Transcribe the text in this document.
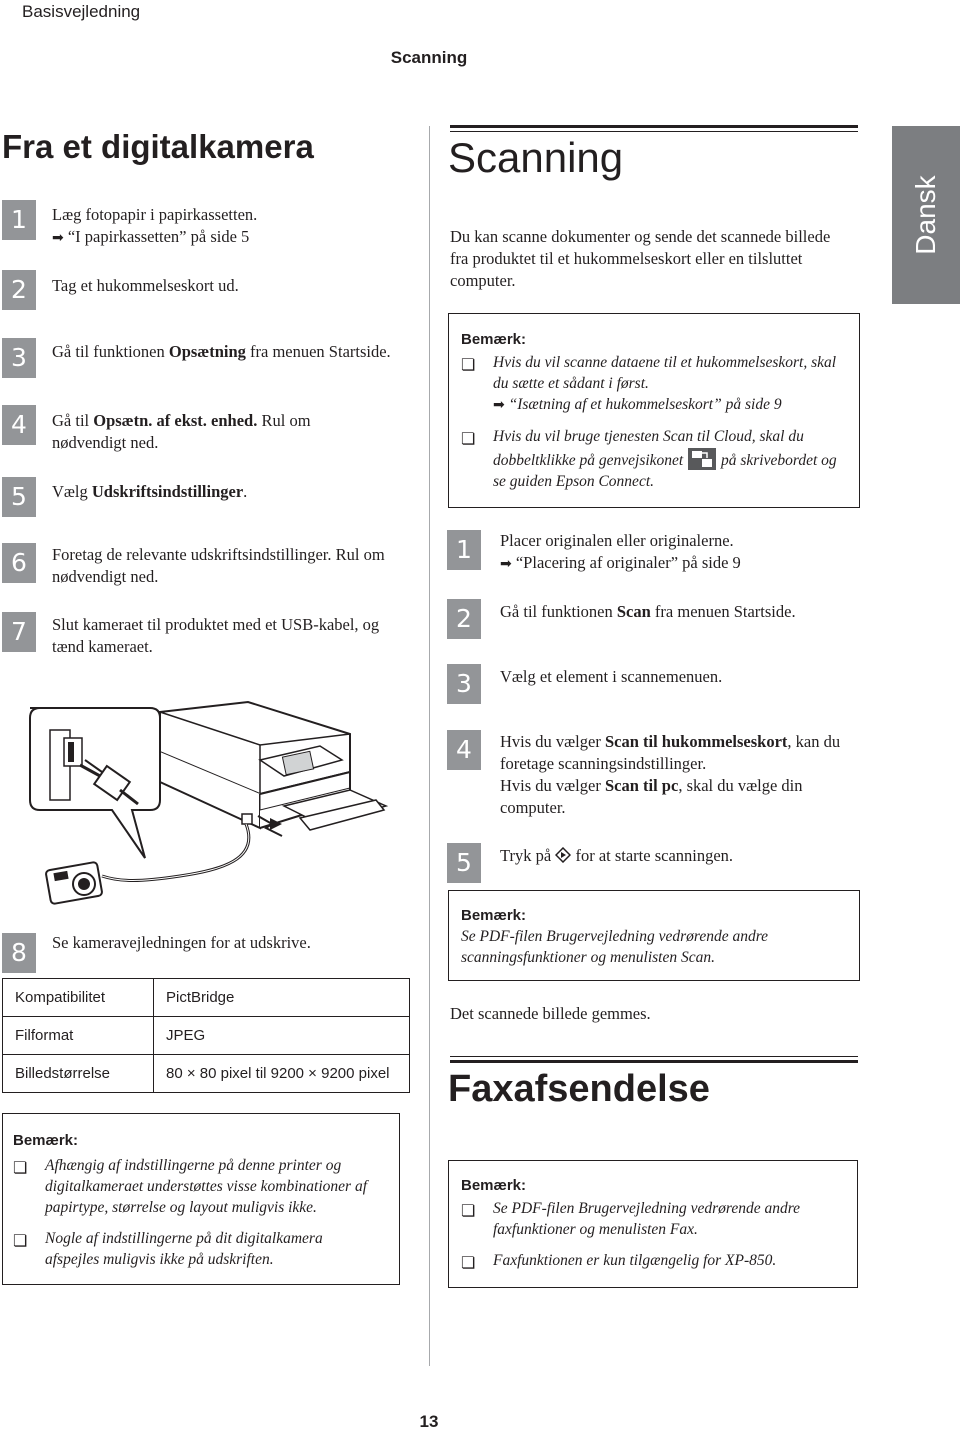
Basisvejledning
Scanning
Dansk
Fra et digitalkamera
1	Læg fotopapir i papirkassetten.
➡ “I papirkassetten” på side 5
2	Tag et hukommelseskort ud.
3	Gå til funktionen Opsætning fra menuen Startside.
4	Gå til Opsætn. af ekst. enhed. Rul om nødvendigt ned.
5	Vælg Udskriftsindstillinger.
6	Foretag de relevante udskriftsindstillinger. Rul om nødvendigt ned.
7	Slut kameraet til produktet med et USB-kabel, og tænd kameraet.
8	Se kameravejledningen for at udskrive.
Kompatibilitet	PictBridge
Filformat	JPEG
Billedstørrelse	80 × 80 pixel til 9200 × 9200 pixel
Bemærk:
❏ Afhængig af indstillingerne på denne printer og digitalkameraet understøttes visse kombinationer af papirtype, størrelse og layout muligvis ikke.
❏ Nogle af indstillingerne på dit digitalkamera afspejles muligvis ikke på udskriften.
Scanning
Du kan scanne dokumenter og sende det scannede billede fra produktet til et hukommelseskort eller en tilsluttet computer.
Bemærk:
❏ Hvis du vil scanne dataene til et hukommelseskort, skal du sætte et sådant i først.
➡ “Isætning af et hukommelseskort” på side 9
❏ Hvis du vil bruge tjenesten Scan til Cloud, skal du dobbeltklikke på genvejsikonet på skrivebordet og se guiden Epson Connect.
1	Placer originalen eller originalerne.
➡ “Placering af originaler” på side 9
2	Gå til funktionen Scan fra menuen Startside.
3	Vælg et element i scannemenuen.
4	Hvis du vælger Scan til hukommelseskort, kan du foretage scanningsindstillinger.
Hvis du vælger Scan til pc, skal du vælge din computer.
5	Tryk på  for at starte scanningen.
Bemærk:
Se PDF-filen Brugervejledning vedrørende andre scanningsfunktioner og menulisten Scan.
Det scannede billede gemmes.
Faxafsendelse
Bemærk:
❏ Se PDF-filen Brugervejledning vedrørende andre faxfunktioner og menulisten Fax.
❏ Faxfunktionen er kun tilgængelig for XP-850.
13
